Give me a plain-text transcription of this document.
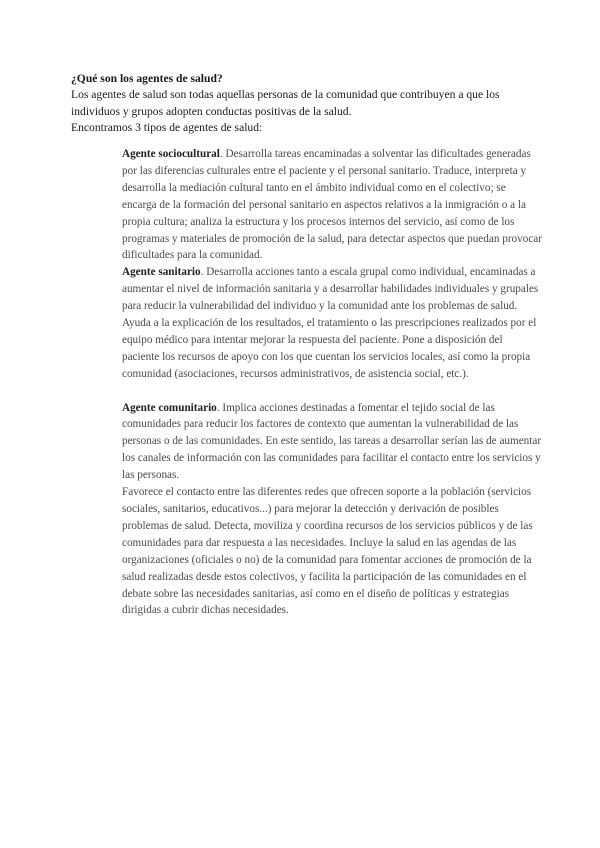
¿Qué son los agentes de salud?

Los agentes de salud son todas aquellas personas de la comunidad que contribuyen a que los individuos y grupos adopten conductas positivas de la salud.

Encontramos 3 tipos de agentes de salud:

Agente sociocultural. Desarrolla tareas encaminadas a solventar las dificultades generadas por las diferencias culturales entre el paciente y el personal sanitario. Traduce, interpreta y desarrolla la mediación cultural tanto en el ámbito individual como en el colectivo; se encarga de la formación del personal sanitario en aspectos relativos a la inmigración o a la propia cultura; analiza la estructura y los procesos internos del servicio, así como de los programas y materiales de promoción de la salud, para detectar aspectos que puedan provocar dificultades para la comunidad.

Agente sanitario. Desarrolla acciones tanto a escala grupal como individual, encaminadas a aumentar el nivel de información sanitaria y a desarrollar habilidades individuales y grupales para reducir la vulnerabilidad del individuo y la comunidad ante los problemas de salud. Ayuda a la explicación de los resultados, el tratamiento o las prescripciones realizados por el equipo médico para intentar mejorar la respuesta del paciente. Pone a disposición del paciente los recursos de apoyo con los que cuentan los servicios locales, así como la propia comunidad (asociaciones, recursos administrativos, de asistencia social, etc.).

Agente comunitario. Implica acciones destinadas a fomentar el tejido social de las comunidades para reducir los factores de contexto que aumentan la vulnerabilidad de las personas o de las comunidades. En este sentido, las tareas a desarrollar serían las de aumentar los canales de información con las comunidades para facilitar el contacto entre los servicios y las personas.

Favorece el contacto entre las diferentes redes que ofrecen soporte a la población (servicios sociales, sanitarios, educativos...) para mejorar la detección y derivación de posibles problemas de salud. Detecta, moviliza y coordina recursos de los servicios públicos y de las comunidades para dar respuesta a las necesidades. Incluye la salud en las agendas de las organizaciones (oficiales o no) de la comunidad para fomentar acciones de promoción de la salud realizadas desde estos colectivos, y facilita la participación de las comunidades en el debate sobre las necesidades sanitarias, así como en el diseño de políticas y estrategias dirigidas a cubrir dichas necesidades.
